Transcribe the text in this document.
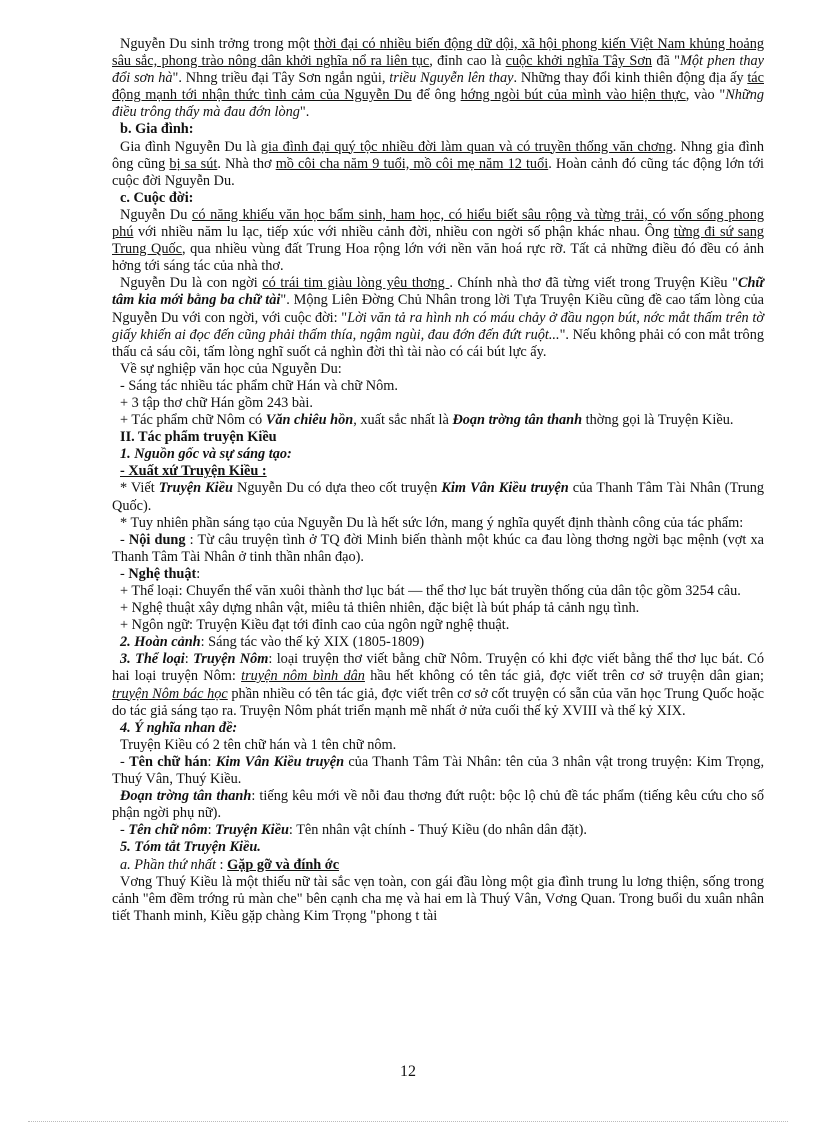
Nguyễn Du sinh trởng trong một thời đại có nhiều biến động dữ dội, xã hội phong kiến Việt Nam khủng hoảng sâu sắc, phong trào nông dân khởi nghĩa nổ ra liên tục, đỉnh cao là cuộc khởi nghĩa Tây Sơn đã "Một phen thay đổi sơn hà". Nhng triều đại Tây Sơn ngắn ngủi, triều Nguyễn lên thay. Những thay đổi kinh thiên động địa ấy tác động mạnh tới nhận thức tình cảm của Nguyễn Du để ông hớng ngòi bút của mình vào hiện thực, vào "Những điều trông thấy mà đau đớn lòng".

b. Gia đình:

Gia đình Nguyễn Du là gia đình đại quý tộc nhiều đời làm quan và có truyền thống văn chơng. Nhng gia đình ông cũng bị sa sút. Nhà thơ mồ côi cha năm 9 tuổi, mồ côi mẹ năm 12 tuổi. Hoàn cảnh đó cũng tác động lớn tới cuộc đời Nguyễn Du.

c. Cuộc đời:

Nguyễn Du có năng khiếu văn học bẩm sinh, ham học, có hiểu biết sâu rộng và từng trải, có vốn sống phong phú với nhiều năm lu lạc, tiếp xúc với nhiều cảnh đời, nhiều con ngời số phận khác nhau. Ông từng đi sứ sang Trung Quốc, qua nhiều vùng đất Trung Hoa rộng lớn với nền văn hoá rực rỡ. Tất cả những điều đó đều có ảnh hởng tới sáng tác của nhà thơ.

Nguyễn Du là con ngời có trái tim giàu lòng yêu thơng . Chính nhà thơ đã từng viết trong Truyện Kiều "Chữ tâm kia mới bằng ba chữ tài". Mộng Liên Đờng Chủ Nhân trong lời Tựa Truyện Kiều cũng đề cao tấm lòng của Nguyễn Du với con ngời, với cuộc đời: "Lời văn tả ra hình nh có máu chảy ở đầu ngọn bút, nớc mắt thấm trên tờ giấy khiến ai đọc đến cũng phải thấm thía, ngậm ngùi, đau đớn đến đứt ruột...". Nếu không phải có con mắt trông thấu cả sáu cõi, tấm lòng nghĩ suốt cả nghìn đời thì tài nào có cái bút lực ấy.

Về sự nghiệp văn học của Nguyễn Du:

- Sáng tác nhiều tác phẩm chữ Hán và chữ Nôm.

+ 3 tập thơ chữ Hán gồm 243 bài.

+ Tác phẩm chữ Nôm có Văn chiêu hồn, xuất sắc nhất là Đoạn trờng tân thanh thờng gọi là Truyện Kiều.

II. Tác phẩm truyện Kiều

1. Nguồn gốc và sự sáng tạo:

- Xuất xứ Truyện Kiều :

* Viết Truyện Kiều Nguyễn Du có dựa theo cốt truyện Kim Vân Kiều truyện của Thanh Tâm Tài Nhân (Trung Quốc).

* Tuy nhiên phần sáng tạo của Nguyễn Du là hết sức lớn, mang ý nghĩa quyết định thành công của tác phẩm:

- Nội dung : Từ câu truyện tình ở TQ đời Minh biến thành một khúc ca đau lòng thơng ngời bạc mệnh (vợt xa Thanh Tâm Tài Nhân ở tinh thần nhân đạo).

- Nghệ thuật:

+ Thể loại: Chuyển thể văn xuôi thành thơ lục bát — thể thơ lục bát truyền thống của dân tộc gồm 3254 câu.

+ Nghệ thuật xây dựng nhân vật, miêu tả thiên nhiên, đặc biệt là bút pháp tả cảnh ngụ tình.

+ Ngôn ngữ: Truyện Kiều đạt tới đỉnh cao của ngôn ngữ nghệ thuật.

2. Hoàn cảnh: Sáng tác vào thế kỷ XIX (1805-1809)

3. Thể loại: Truyện Nôm: loại truyện thơ viết bằng chữ Nôm. Truyện có khi đợc viết bằng thể thơ lục bát. Có hai loại truyện Nôm: truyện nôm bình dân hầu hết không có tên tác giả, đợc viết trên cơ sở truyện dân gian; truyện Nôm bác học phần nhiều có tên tác giả, đợc viết trên cơ sở cốt truyện có sẵn của văn học Trung Quốc hoặc do tác giả sáng tạo ra. Truyện Nôm phát triển mạnh mẽ nhất ở nửa cuối thế kỷ XVIII và thế kỷ XIX.

4. Ý nghĩa nhan đề:

Truyện Kiều có 2 tên chữ hán và 1 tên chữ nôm.

- Tên chữ hán: Kim Vân Kiều truyện của Thanh Tâm Tài Nhân: tên của 3 nhân vật trong truyện: Kim Trọng, Thuý Vân, Thuý Kiều.

Đoạn trờng tân thanh: tiếng kêu mới về nỗi đau thơng đứt ruột: bộc lộ chủ đề tác phẩm (tiếng kêu cứu cho số phận ngời phụ nữ).

- Tên chữ nôm: Truyện Kiều: Tên nhân vật chính - Thuý Kiều (do nhân dân đặt).

5. Tóm tắt Truyện Kiều.

a. Phần thứ nhất : Gặp gỡ và đính ớc

Vơng Thuý Kiều là một thiếu nữ tài sắc vẹn toàn, con gái đầu lòng một gia đình trung lu lơng thiện, sống trong cảnh "êm đềm trớng rủ màn che" bên cạnh cha mẹ và hai em là Thuý Vân, Vơng Quan. Trong buổi du xuân nhân tiết Thanh minh, Kiều gặp chàng Kim Trọng "phong t tài

12
